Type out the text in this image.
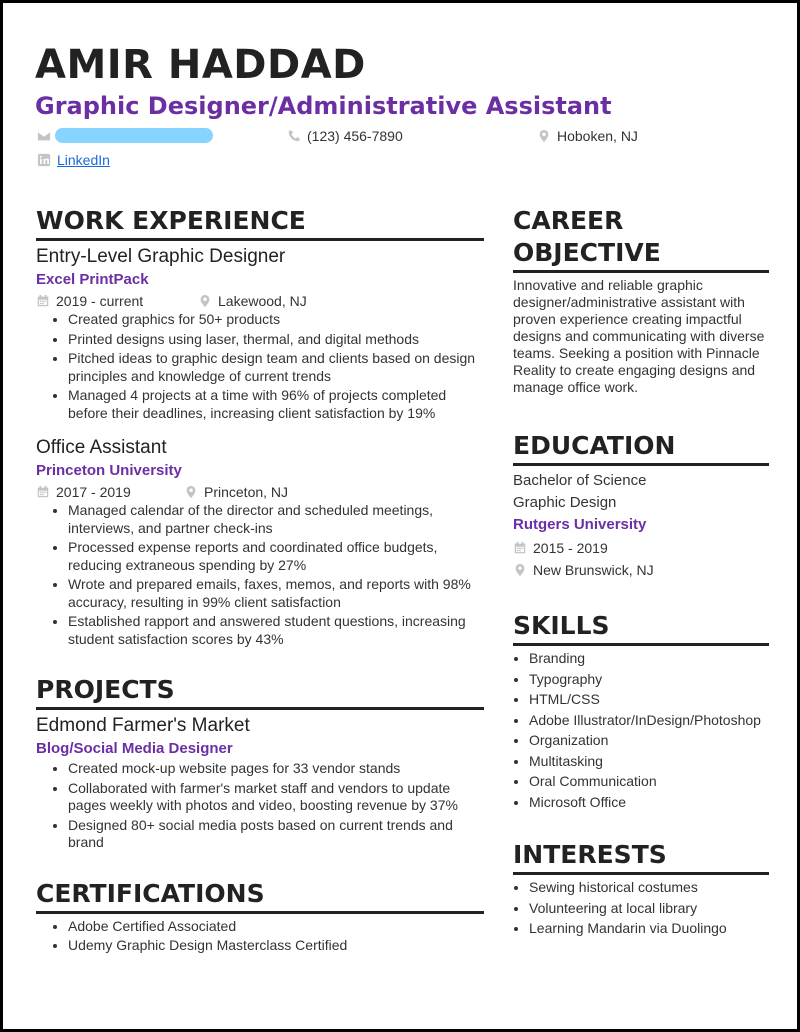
AMIR HADDAD
Graphic Designer/Administrative Assistant
(123) 456-7890	Hoboken, NJ
LinkedIn
WORK EXPERIENCE
Entry-Level Graphic Designer
Excel PrintPack
2019 - current	Lakewood, NJ
• Created graphics for 50+ products
• Printed designs using laser, thermal, and digital methods
• Pitched ideas to graphic design team and clients based on design principles and knowledge of current trends
• Managed 4 projects at a time with 96% of projects completed before their deadlines, increasing client satisfaction by 19%
Office Assistant
Princeton University
2017 - 2019	Princeton, NJ
• Managed calendar of the director and scheduled meetings, interviews, and partner check-ins
• Processed expense reports and coordinated office budgets, reducing extraneous spending by 27%
• Wrote and prepared emails, faxes, memos, and reports with 98% accuracy, resulting in 99% client satisfaction
• Established rapport and answered student questions, increasing student satisfaction scores by 43%
PROJECTS
Edmond Farmer's Market
Blog/Social Media Designer
• Created mock-up website pages for 33 vendor stands
• Collaborated with farmer's market staff and vendors to update pages weekly with photos and video, boosting revenue by 37%
• Designed 80+ social media posts based on current trends and brand
CERTIFICATIONS
• Adobe Certified Associated
• Udemy Graphic Design Masterclass Certified
CAREER
OBJECTIVE
Innovative and reliable graphic designer/administrative assistant with proven experience creating impactful designs and communicating with diverse teams. Seeking a position with Pinnacle Reality to create engaging designs and manage office work.
EDUCATION
Bachelor of Science
Graphic Design
Rutgers University
2015 - 2019
New Brunswick, NJ
SKILLS
• Branding
• Typography
• HTML/CSS
• Adobe Illustrator/InDesign/Photoshop
• Organization
• Multitasking
• Oral Communication
• Microsoft Office
INTERESTS
• Sewing historical costumes
• Volunteering at local library
• Learning Mandarin via Duolingo
